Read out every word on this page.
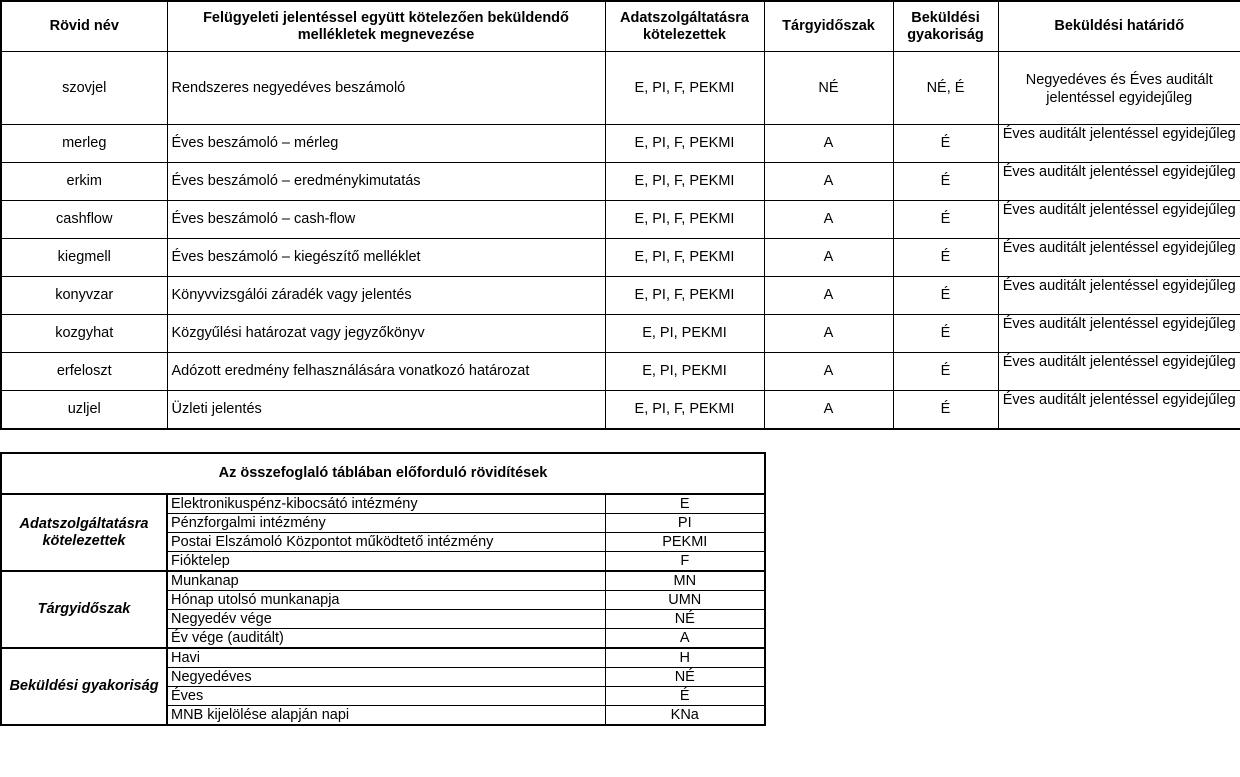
Rövid név	Felügyeleti jelentéssel együtt kötelezően beküldendő mellékletek megnevezése	Adatszolgáltatásra kötelezettek	Tárgyidőszak	Beküldési gyakoriság	Beküldési határidő
szovjel	Rendszeres negyedéves beszámoló	E, PI, F, PEKMI	NÉ	NÉ, É	Negyedéves és Éves auditált jelentéssel egyidejűleg
merleg	Éves beszámoló – mérleg	E, PI, F, PEKMI	A	É	Éves auditált jelentéssel egyidejűleg
erkim	Éves beszámoló – eredménykimutatás	E, PI, F, PEKMI	A	É	Éves auditált jelentéssel egyidejűleg
cashflow	Éves beszámoló – cash-flow	E, PI, F, PEKMI	A	É	Éves auditált jelentéssel egyidejűleg
kiegmell	Éves beszámoló – kiegészítő melléklet	E, PI, F, PEKMI	A	É	Éves auditált jelentéssel egyidejűleg
konyvzar	Könyvvizsgálói záradék vagy jelentés	E, PI, F, PEKMI	A	É	Éves auditált jelentéssel egyidejűleg
kozgyhat	Közgyűlési határozat vagy jegyzőkönyv	E, PI, PEKMI	A	É	Éves auditált jelentéssel egyidejűleg
erfeloszt	Adózott eredmény felhasználására vonatkozó határozat	E, PI, PEKMI	A	É	Éves auditált jelentéssel egyidejűleg
uzljel	Üzleti jelentés	E, PI, F, PEKMI	A	É	Éves auditált jelentéssel egyidejűleg
Az összefoglaló táblában előforduló rövidítések		
Adatszolgáltatásra kötelezettek	Elektronikuspénz-kibocsátó intézmény	E
	Pénzforgalmi intézmény	PI
	Postai Elszámoló Központot működtető intézmény	PEKMI
	Fióktelep	F
Tárgyidőszak	Munkanap	MN
	Hónap utolsó munkanapja	UMN
	Negyedév vége	NÉ
	Év vége (auditált)	A
Beküldési gyakoriság	Havi	H
	Negyedéves	NÉ
	Éves	É
	MNB kijelölése alapján napi	KNa
